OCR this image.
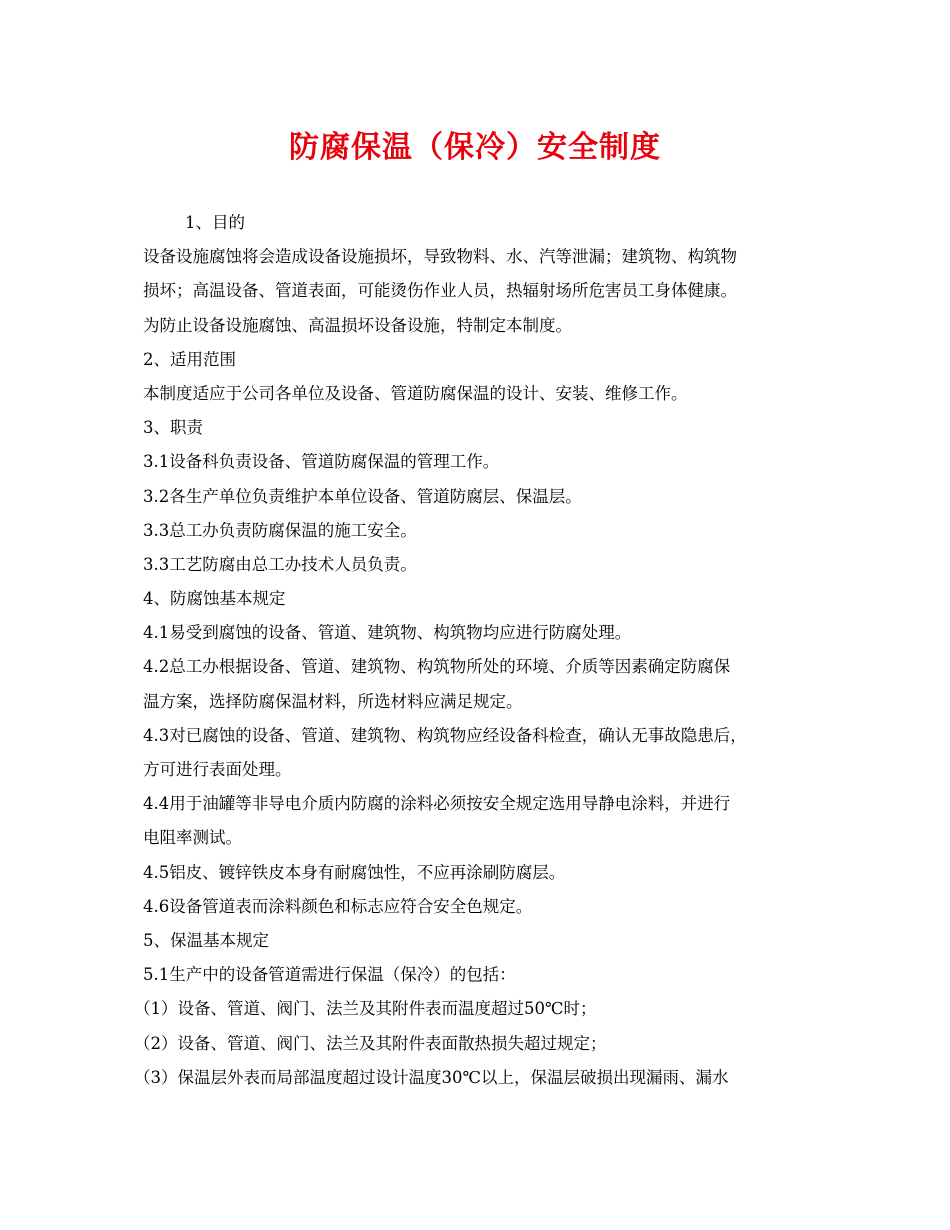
防腐保温（保冷）安全制度
1、目的
设备设施腐蚀将会造成设备设施损坏，导致物料、水、汽等泄漏；建筑物、构筑物
损坏；高温设备、管道表面，可能烫伤作业人员，热辐射场所危害员工身体健康。
为防止设备设施腐蚀、高温损坏设备设施，特制定本制度。
2、适用范围
本制度适应于公司各单位及设备、管道防腐保温的设计、安装、维修工作。
3、职责
3.1设备科负责设备、管道防腐保温的管理工作。
3.2各生产单位负责维护本单位设备、管道防腐层、保温层。
3.3总工办负责防腐保温的施工安全。
3.3工艺防腐由总工办技术人员负责。
4、防腐蚀基本规定
4.1易受到腐蚀的设备、管道、建筑物、构筑物均应进行防腐处理。
4.2总工办根据设备、管道、建筑物、构筑物所处的环境、介质等因素确定防腐保
温方案，选择防腐保温材料，所选材料应满足规定。
4.3对已腐蚀的设备、管道、建筑物、构筑物应经设备科检查，确认无事故隐患后，
方可进行表面处理。
4.4用于油罐等非导电介质内防腐的涂料必须按安全规定选用导静电涂料，并进行
电阻率测试。
4.5铝皮、镀锌铁皮本身有耐腐蚀性，不应再涂刷防腐层。
4.6设备管道表而涂料颜色和标志应符合安全色规定。
5、保温基本规定
5.1生产中的设备管道需进行保温（保冷）的包括：
（1）设备、管道、阀门、法兰及其附件表而温度超过50℃时；
（2）设备、管道、阀门、法兰及其附件表面散热损失超过规定；
（3）保温层外表而局部温度超过设计温度30℃以上，保温层破损出现漏雨、漏水
